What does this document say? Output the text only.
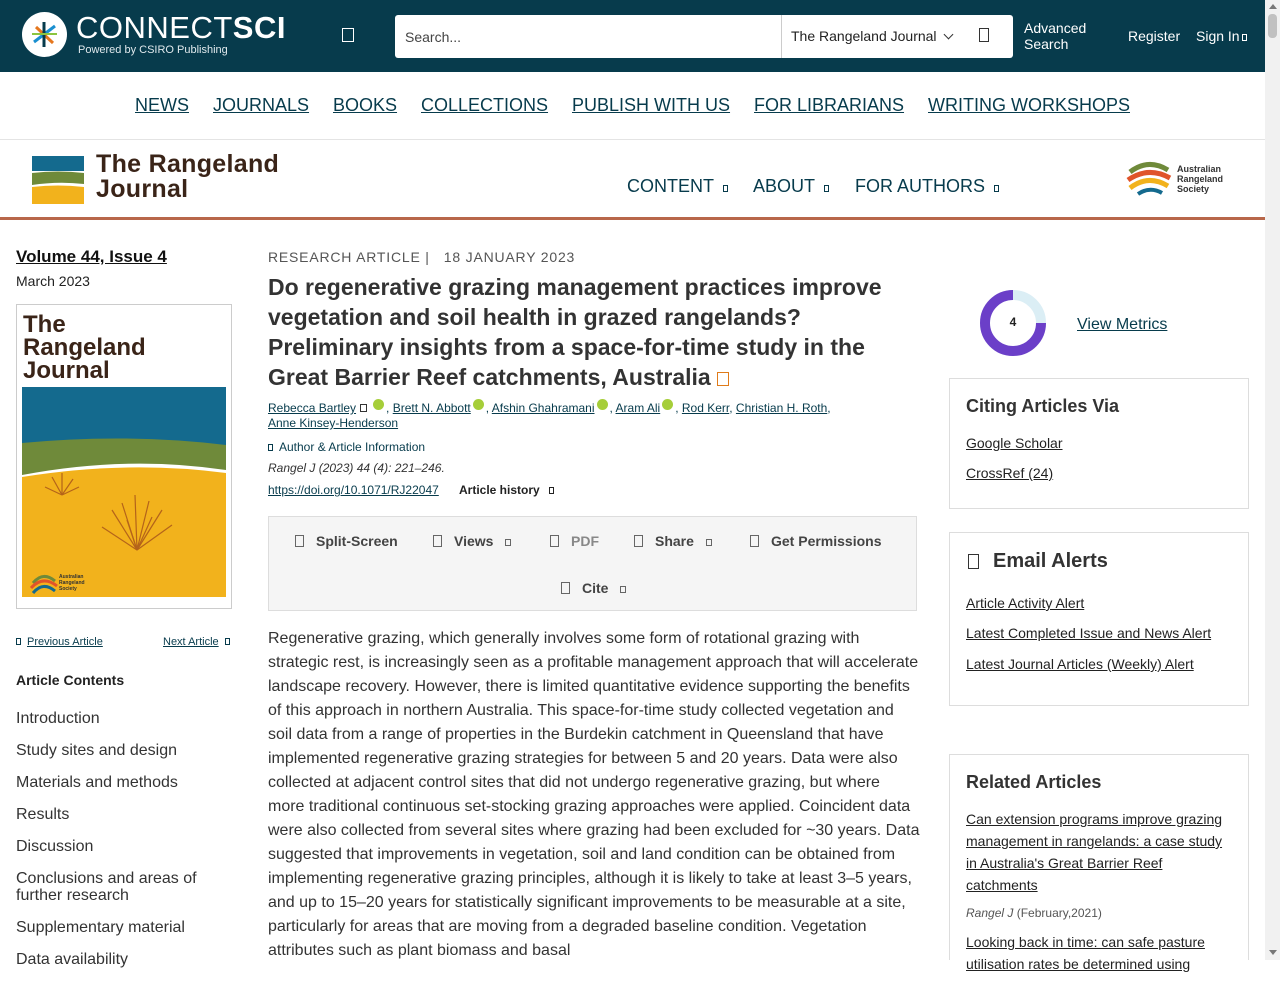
CONNECTSCI
Powered by CSIRO Publishing
Search...
The Rangeland Journal	Advanced Search	Register Sign In
NEWS JOURNALS BOOKS COLLECTIONS PUBLISH WITH US FOR LIBRARIANS WRITING WORKSHOPS
The Rangeland
Journal	CONTENT	ABOUT	FOR AUTHORS
Australian
Rangeland
Society
Volume 44, Issue 4
March 2023
The
Rangeland
Journal
Australian
Rangeland
Society
Previous Article	Next Article
Article Contents
Introduction
Study sites and design
Materials and methods
Results
Discussion
Conclusions and areas of further research
Supplementary material
Data availability
RESEARCH ARTICLE |   18 JANUARY 2023
Do regenerative grazing management practices improve vegetation and soil health in grazed rangelands? Preliminary insights from a space-for-time study in the Great Barrier Reef catchments, Australia
Rebecca Bartley	, Brett N. Abbott , Afshin Ghahramani , Aram Ali , Rod Kerr, Christian H. Roth,
Anne Kinsey-Henderson
Author & Article Information
Rangel J (2023) 44 (4): 221–246.
https://doi.org/10.1071/RJ22047 Article history
Split-Screen	Views	PDF	Share	Get Permissions
Cite
Regenerative grazing, which generally involves some form of rotational grazing with strategic rest, is increasingly seen as a profitable management approach that will accelerate landscape recovery. However, there is limited quantitative evidence supporting the benefits of this approach in northern Australia. This space-for-time study collected vegetation and soil data from a range of properties in the Burdekin catchment in Queensland that have implemented regenerative grazing strategies for between 5 and 20 years. Data were also collected at adjacent control sites that did not undergo regenerative grazing, but where more traditional continuous set-stocking grazing approaches were applied. Coincident data were also collected from several sites where grazing had been excluded for ~30 years. Data suggested that improvements in vegetation, soil and land condition can be obtained from implementing regenerative grazing principles, although it is likely to take at least 3–5 years, and up to 15–20 years for statistically significant improvements to be measurable at a site, particularly for areas that are moving from a degraded baseline condition. Vegetation attributes such as plant biomass and basal
4	View Metrics
Citing Articles Via
Google Scholar
CrossRef (24)
Email Alerts
Article Activity Alert
Latest Completed Issue and News Alert
Latest Journal Articles (Weekly) Alert
Related Articles
Can extension programs improve grazing management in rangelands: a case study in Australia's Great Barrier Reef catchments
Rangel J (February,2021)
Looking back in time: can safe pasture utilisation rates be determined using
